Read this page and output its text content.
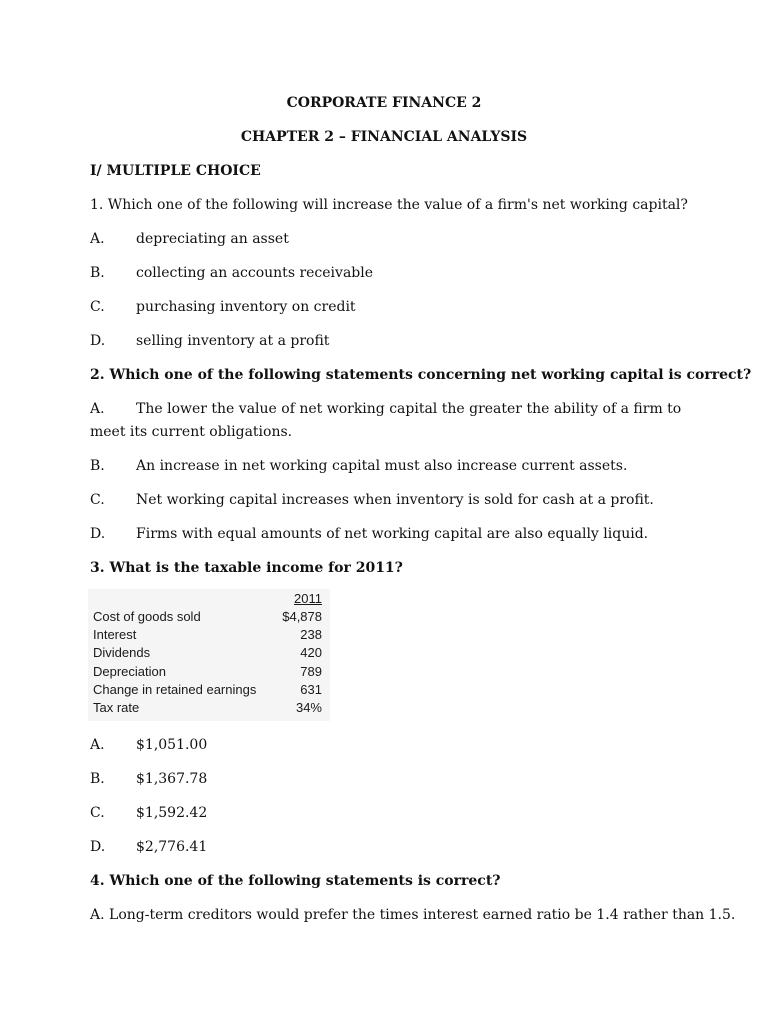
CORPORATE FINANCE 2
CHAPTER 2 – FINANCIAL ANALYSIS
I/ MULTIPLE CHOICE
1. Which one of the following will increase the value of a firm's net working capital?
A. depreciating an asset
B. collecting an accounts receivable
C. purchasing inventory on credit
D. selling inventory at a profit
2. Which one of the following statements concerning net working capital is correct?
A. The lower the value of net working capital the greater the ability of a firm to meet its current obligations.
B. An increase in net working capital must also increase current assets.
C. Net working capital increases when inventory is sold for cash at a profit.
D. Firms with equal amounts of net working capital are also equally liquid.
3. What is the taxable income for 2011?
2011
Cost of goods sold	$4,878
Interest	238
Dividends	420
Depreciation	789
Change in retained earnings	631
Tax rate	34%
A. $1,051.00
B. $1,367.78
C. $1,592.42
D. $2,776.41
4. Which one of the following statements is correct?
A. Long-term creditors would prefer the times interest earned ratio be 1.4 rather than 1.5.
